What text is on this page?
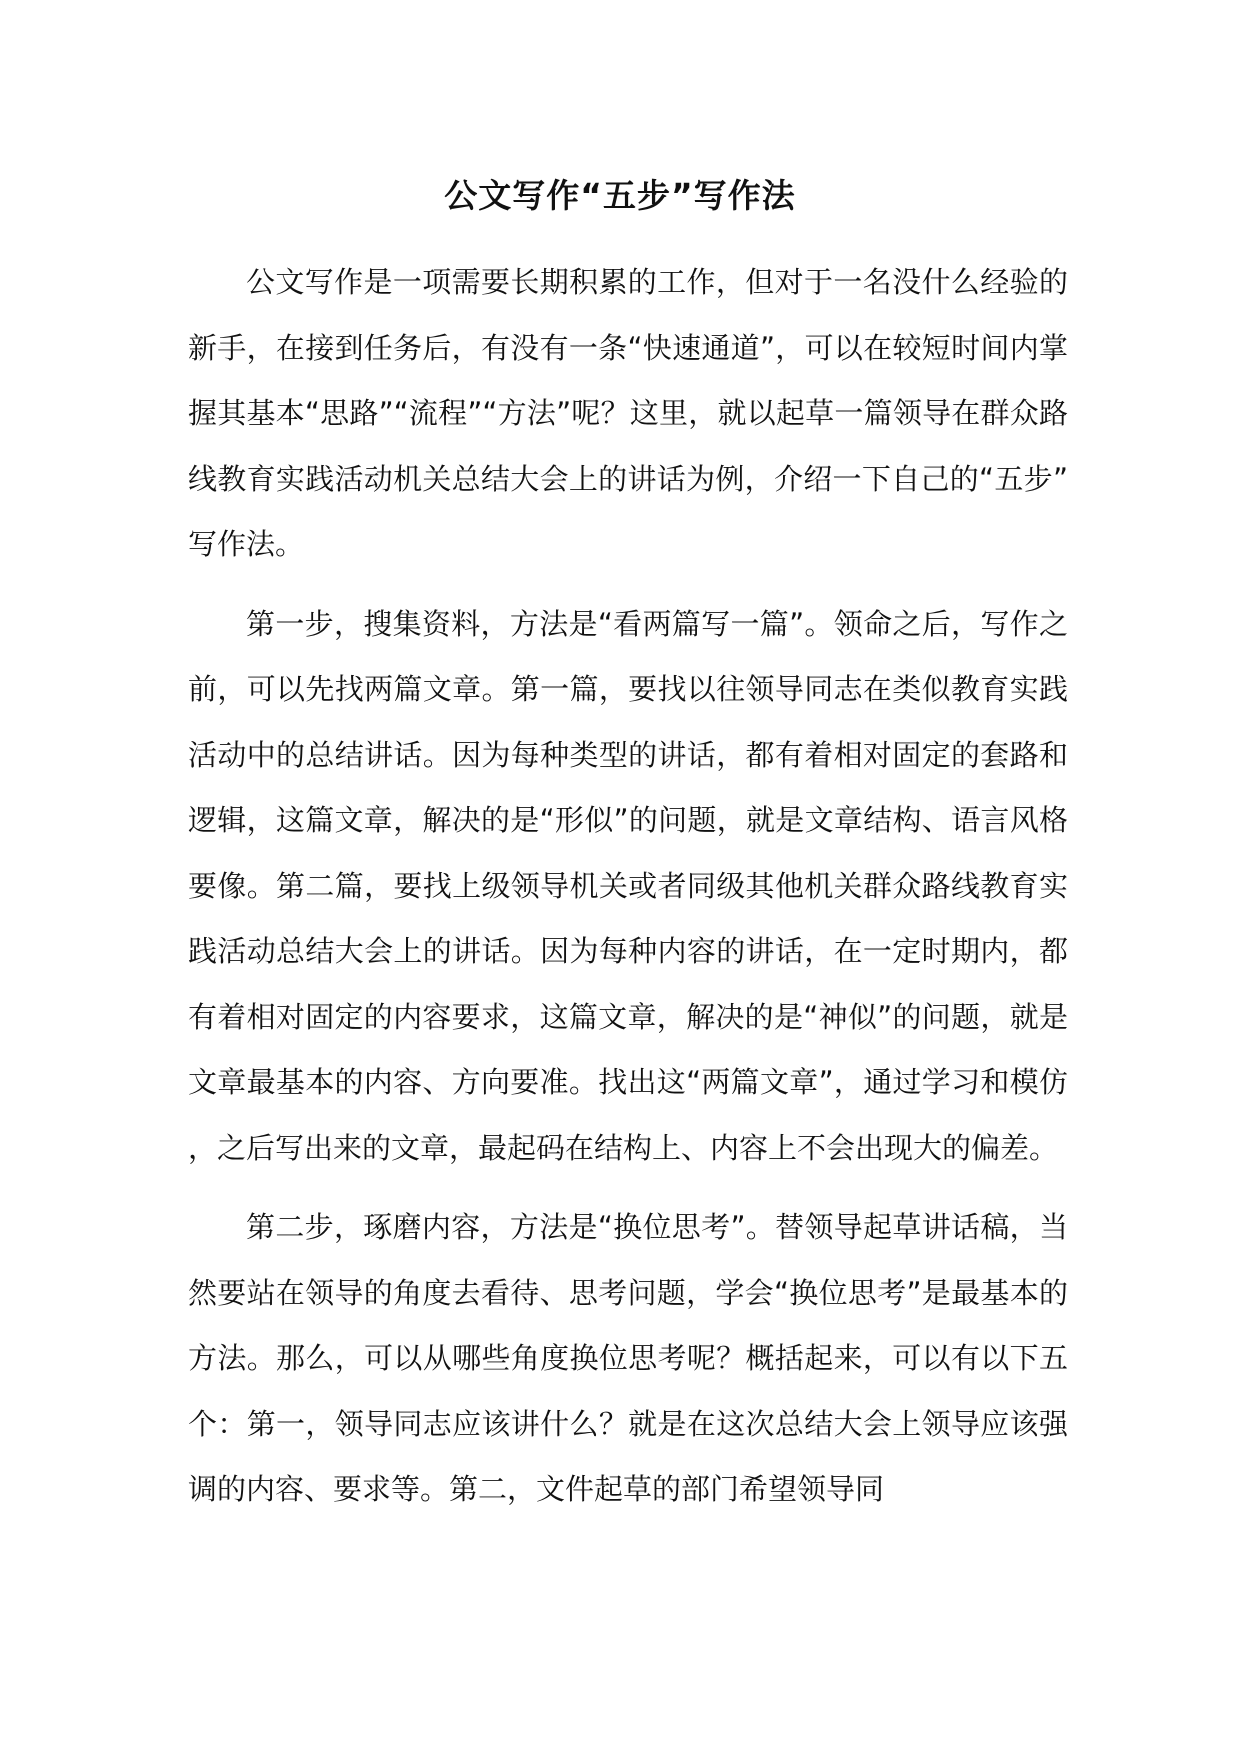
公文写作“五步”写作法

公文写作是一项需要长期积累的工作，但对于一名没什么经验的新手，在接到任务后，有没有一条“快速通道”，可以在较短时间内掌握其基本“思路”“流程”“方法”呢？这里，就以起草一篇领导在群众路线教育实践活动机关总结大会上的讲话为例，介绍一下自己的“五步”写作法。

第一步，搜集资料，方法是“看两篇写一篇”。领命之后，写作之前，可以先找两篇文章。第一篇，要找以往领导同志在类似教育实践活动中的总结讲话。因为每种类型的讲话，都有着相对固定的套路和逻辑，这篇文章，解决的是“形似”的问题，就是文章结构、语言风格要像。第二篇，要找上级领导机关或者同级其他机关群众路线教育实践活动总结大会上的讲话。因为每种内容的讲话，在一定时期内，都有着相对固定的内容要求，这篇文章，解决的是“神似”的问题，就是文章最基本的内容、方向要准。找出这“两篇文章”，通过学习和模仿，之后写出来的文章，最起码在结构上、内容上不会出现大的偏差。

第二步，琢磨内容，方法是“换位思考”。替领导起草讲话稿，当然要站在领导的角度去看待、思考问题，学会“换位思考”是最基本的方法。那么，可以从哪些角度换位思考呢？概括起来，可以有以下五个：第一，领导同志应该讲什么？就是在这次总结大会上领导应该强调的内容、要求等。第二，文件起草的部门希望领导同
